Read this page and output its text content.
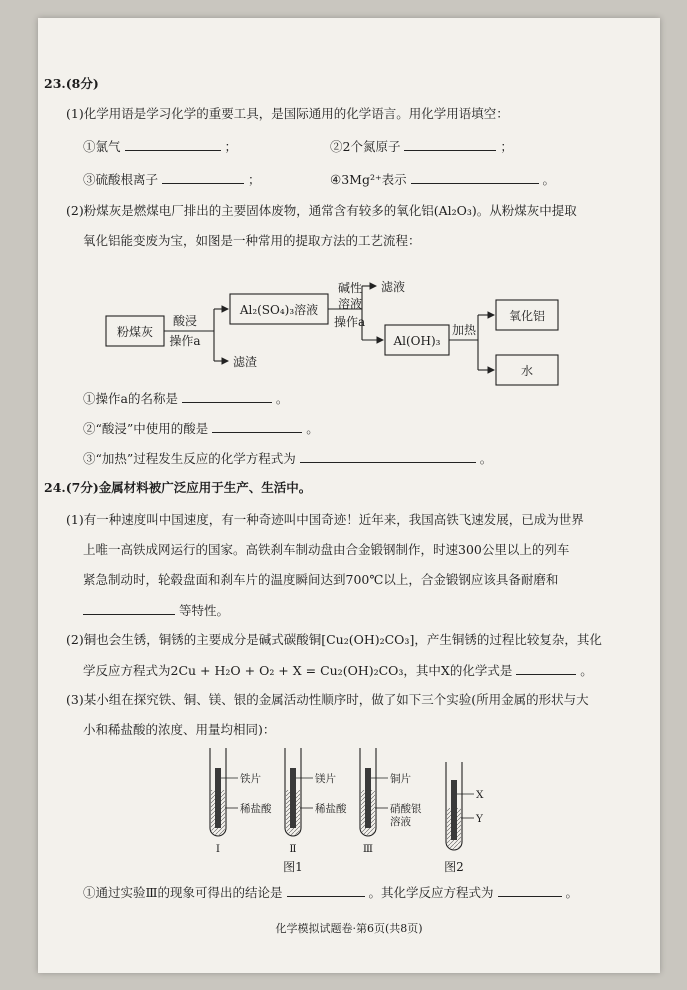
23.(8分)
(1)化学用语是学习化学的重要工具，是国际通用的化学语言。用化学用语填空：
①氯气	；	②2个氮原子	；
③硫酸根离子	；	④3Mg²⁺表示	。
(2)粉煤灰是燃煤电厂排出的主要固体废物，通常含有较多的氧化铝(Al₂O₃)。从粉煤灰中提取
氧化铝能变废为宝，如图是一种常用的提取方法的工艺流程：
粉煤灰
酸浸
操作a
Al₂(SO₄)₃溶液
滤渣
碱性
溶液
操作a
滤液
Al(OH)₃
加热
氧化铝
水
①操作a的名称是	。
②“酸浸”中使用的酸是	。
③“加热”过程发生反应的化学方程式为	。
24.(7分)金属材料被广泛应用于生产、生活中。
(1)有一种速度叫中国速度，有一种奇迹叫中国奇迹！近年来，我国高铁飞速发展，已成为世界
上唯一高铁成网运行的国家。高铁刹车制动盘由合金锻钢制作，时速300公里以上的列车
紧急制动时，轮毂盘面和刹车片的温度瞬间达到700℃以上，合金锻钢应该具备耐磨和
等特性。
(2)铜也会生锈，铜锈的主要成分是碱式碳酸铜[Cu₂(OH)₂CO₃]，产生铜锈的过程比较复杂，其化
学反应方程式为2Cu + H₂O + O₂ + X = Cu₂(OH)₂CO₃，其中X的化学式是	。
(3)某小组在探究铁、铜、镁、银的金属活动性顺序时，做了如下三个实验(所用金属的形状与大
小和稀盐酸的浓度、用量均相同)：
铁片
稀盐酸
Ⅰ
镁片
稀盐酸
Ⅱ
铜片
硝酸银
溶液
Ⅲ
X
Y
图1	图2
①通过实验Ⅲ的现象可得出的结论是	。其化学反应方程式为	。
化学模拟试题卷·第6页(共8页)
